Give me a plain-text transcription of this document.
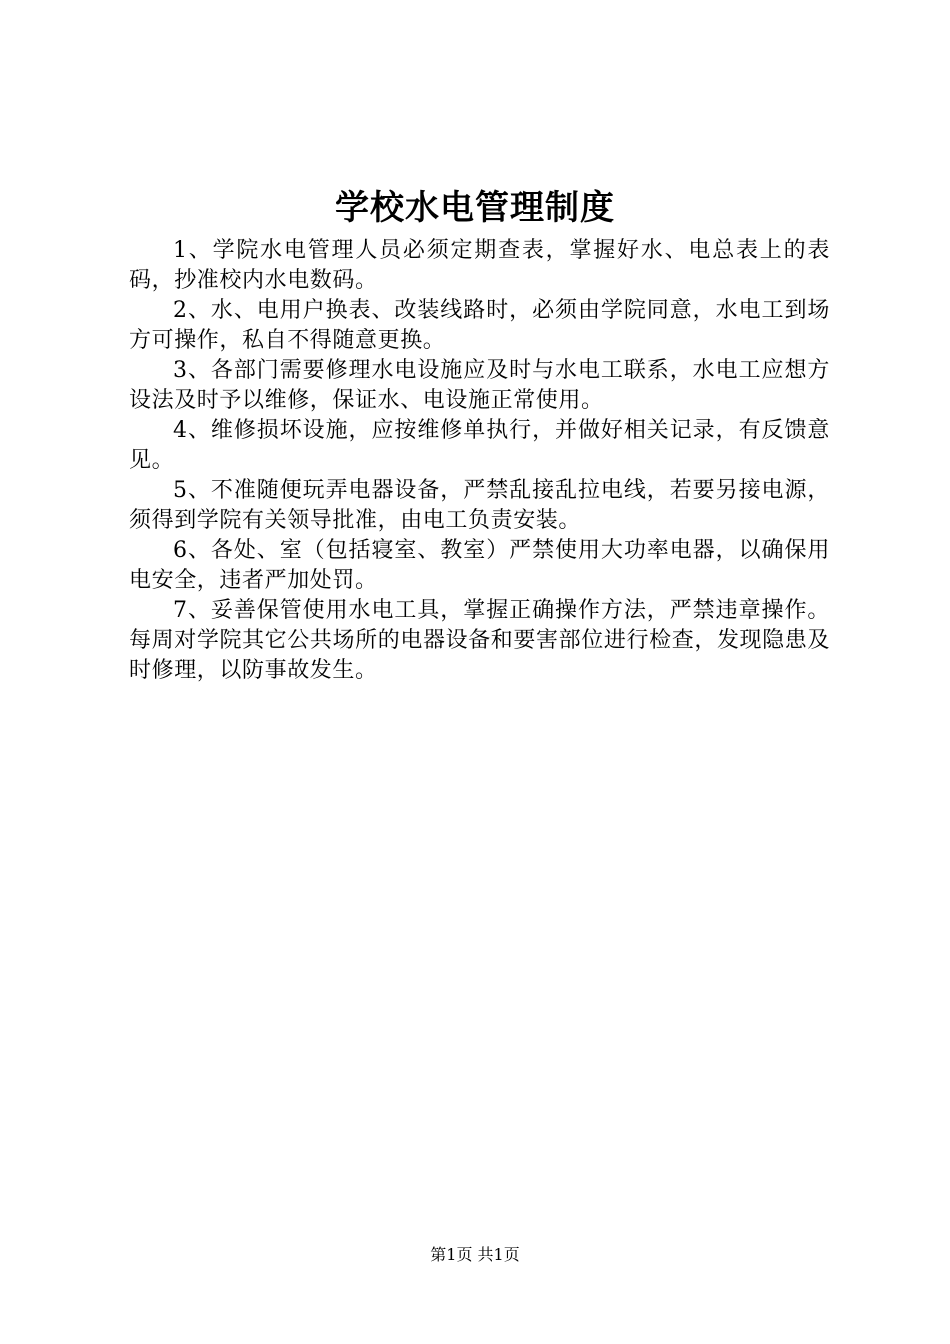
学校水电管理制度

1、学院水电管理人员必须定期查表，掌握好水、电总表上的表码，抄准校内水电数码。

2、水、电用户换表、改装线路时，必须由学院同意，水电工到场方可操作，私自不得随意更换。

3、各部门需要修理水电设施应及时与水电工联系，水电工应想方设法及时予以维修，保证水、电设施正常使用。

4、维修损坏设施，应按维修单执行，并做好相关记录，有反馈意见。

5、不准随便玩弄电器设备，严禁乱接乱拉电线，若要另接电源，须得到学院有关领导批准，由电工负责安装。

6、各处、室（包括寝室、教室）严禁使用大功率电器，以确保用电安全，违者严加处罚。

7、妥善保管使用水电工具，掌握正确操作方法，严禁违章操作。每周对学院其它公共场所的电器设备和要害部位进行检查，发现隐患及时修理，以防事故发生。

第1页 共1页
